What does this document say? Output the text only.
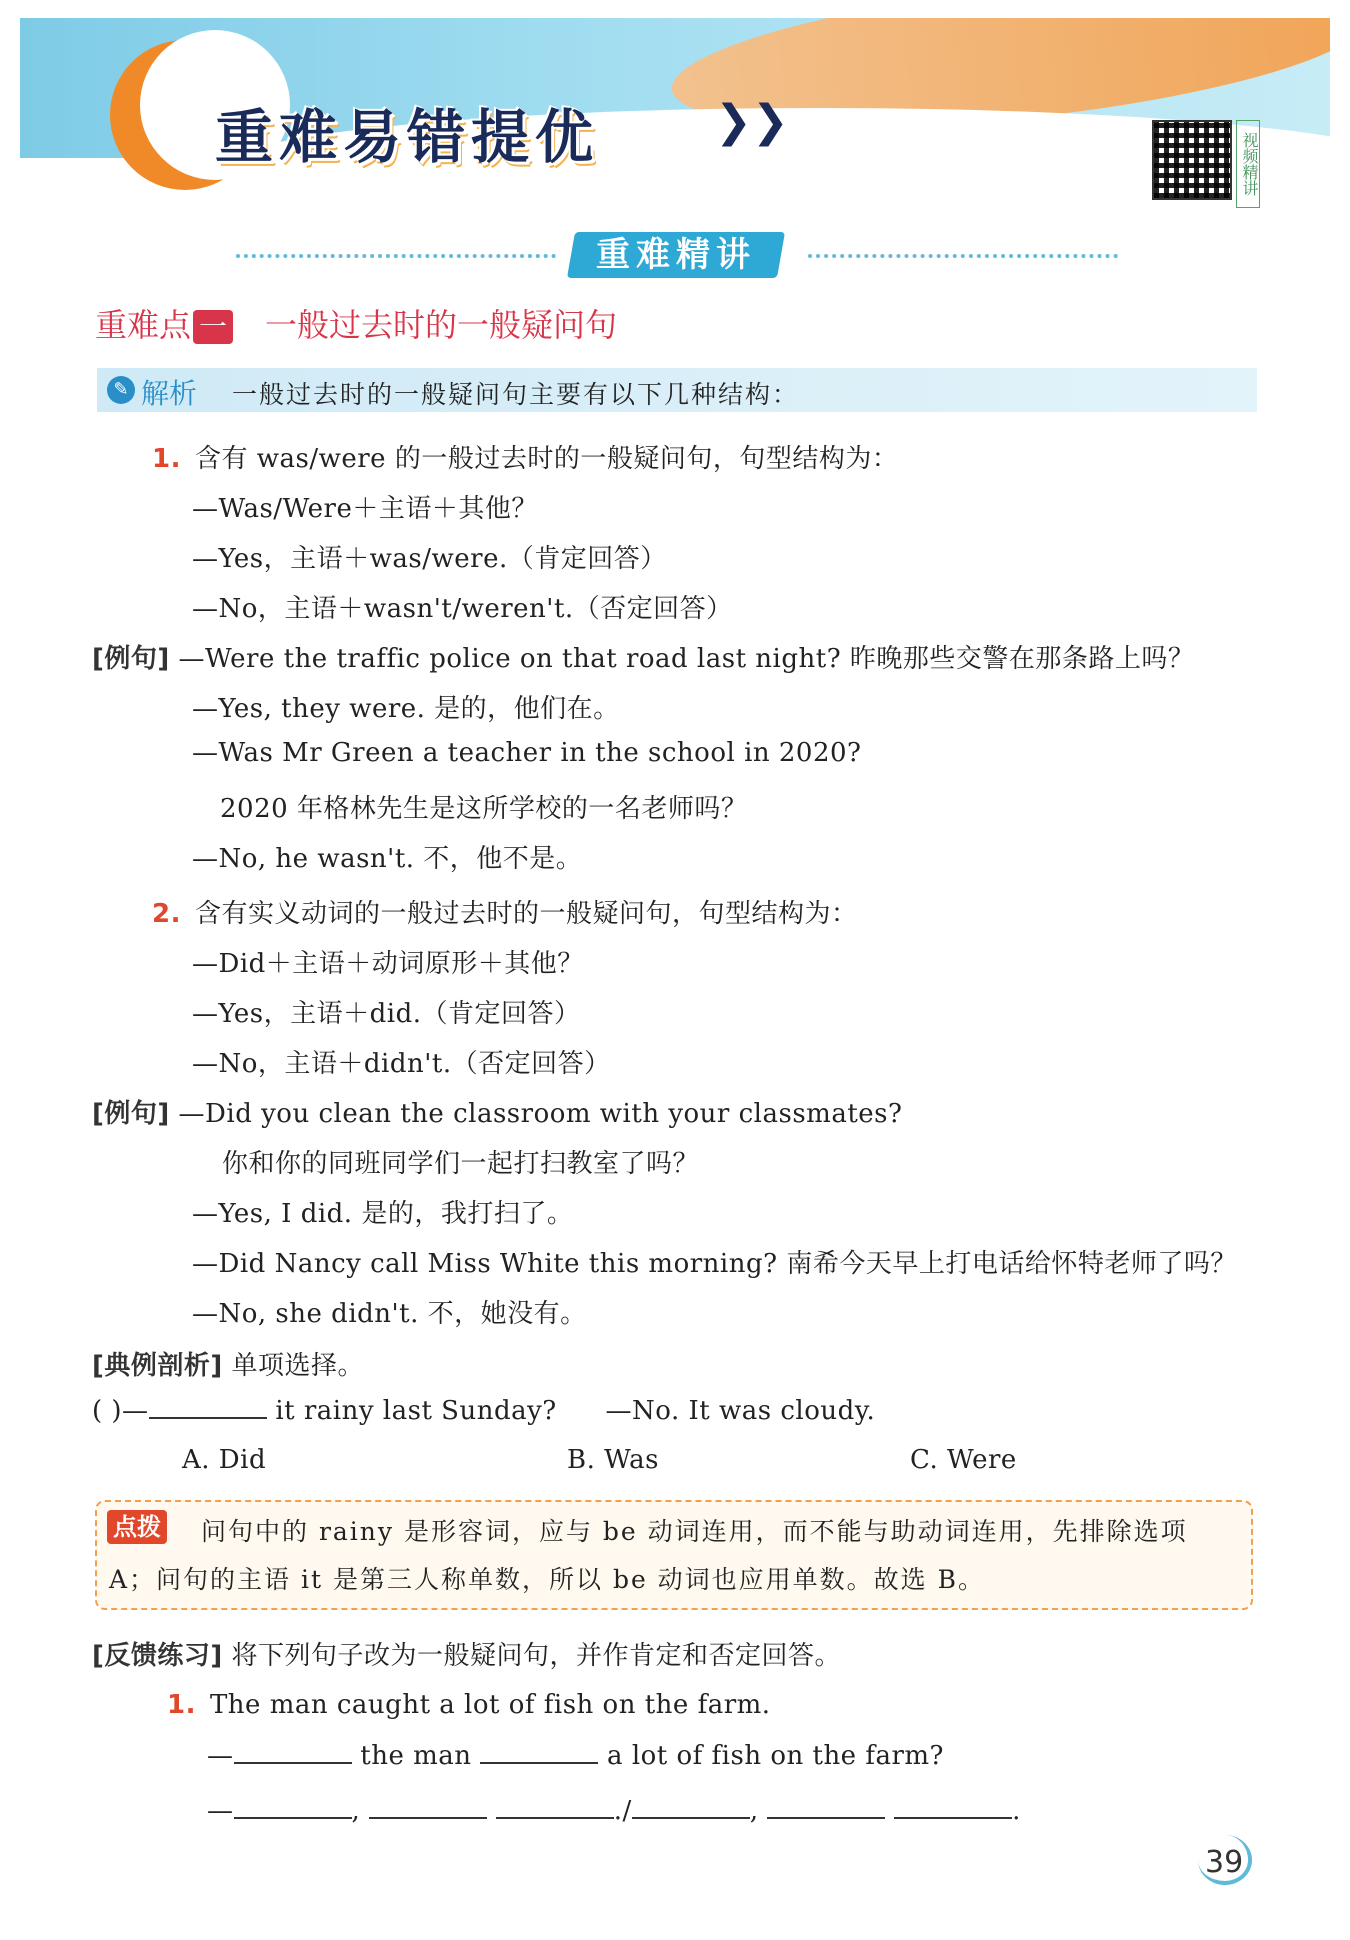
重难易错提优	❯❯
视频精讲
重难精讲
重难点 一 一般过去时的一般疑问句
✎ 解析 一般过去时的一般疑问句主要有以下几种结构：
1. 含有 was/were 的一般过去时的一般疑问句，句型结构为：
—Was/Were＋主语＋其他？
—Yes，主语＋was/were.（肯定回答）
—No，主语＋wasn't/weren't.（否定回答）
[例句] —Were the traffic police on that road last night? 昨晚那些交警在那条路上吗？
—Yes, they were. 是的，他们在。
—Was Mr Green a teacher in the school in 2020?
2020 年格林先生是这所学校的一名老师吗？
—No, he wasn't. 不，他不是。
2. 含有实义动词的一般过去时的一般疑问句，句型结构为：
—Did＋主语＋动词原形＋其他？
—Yes，主语＋did.（肯定回答）
—No，主语＋didn't.（否定回答）
[例句] —Did you clean the classroom with your classmates?
你和你的同班同学们一起打扫教室了吗？
—Yes, I did. 是的，我打扫了。
—Did Nancy call Miss White this morning? 南希今天早上打电话给怀特老师了吗？
—No, she didn't. 不，她没有。
[典例剖析] 单项选择。
( )—	it rainy last Sunday? —No. It was cloudy.
A. Did	B. Was	C. Were
点拨 问句中的 rainy 是形容词，应与 be 动词连用，而不能与助动词连用，先排除选项
A；问句的主语 it 是第三人称单数，所以 be 动词也应用单数。故选 B。
[反馈练习] 将下列句子改为一般疑问句，并作肯定和否定回答。
1. The man caught a lot of fish on the farm.
—	the man	a lot of fish on the farm?
—	,	./	,	.
39
